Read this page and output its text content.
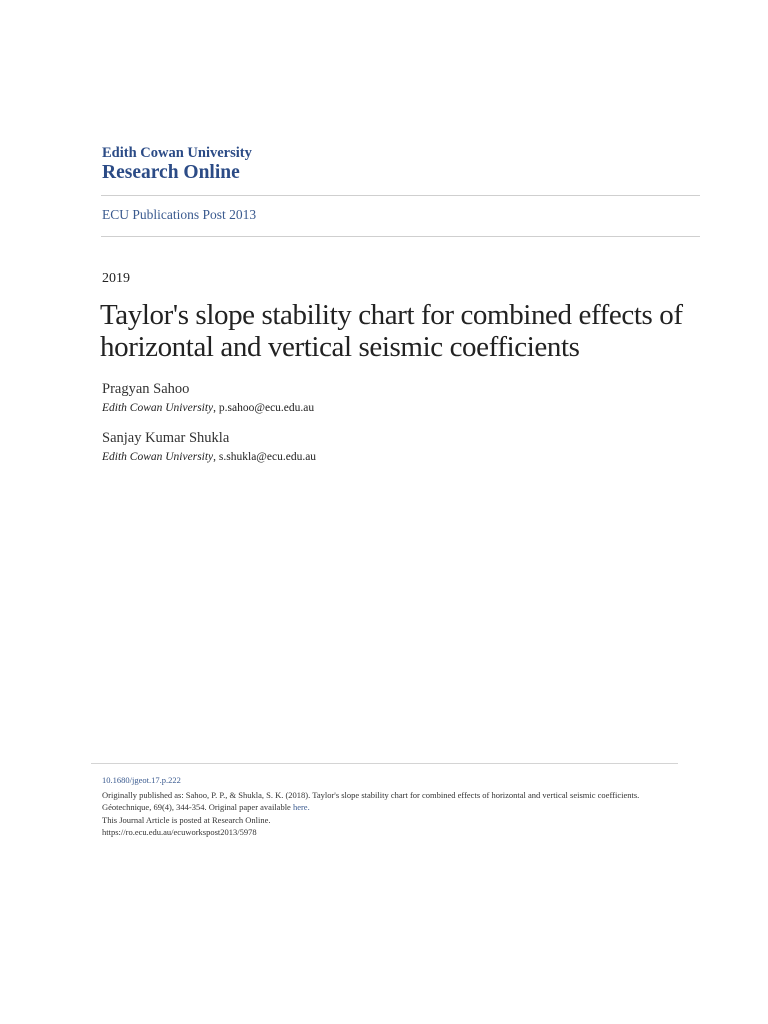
Edith Cowan University
Research Online
ECU Publications Post 2013
2019
Taylor's slope stability chart for combined effects of horizontal and vertical seismic coefficients
Pragyan Sahoo
Edith Cowan University, p.sahoo@ecu.edu.au
Sanjay Kumar Shukla
Edith Cowan University, s.shukla@ecu.edu.au
10.1680/jgeot.17.p.222
Originally published as: Sahoo, P. P., & Shukla, S. K. (2018). Taylor's slope stability chart for combined effects of horizontal and vertical seismic coefficients. Géotechnique, 69(4), 344-354. Original paper available here.
This Journal Article is posted at Research Online.
https://ro.ecu.edu.au/ecuworkspost2013/5978
